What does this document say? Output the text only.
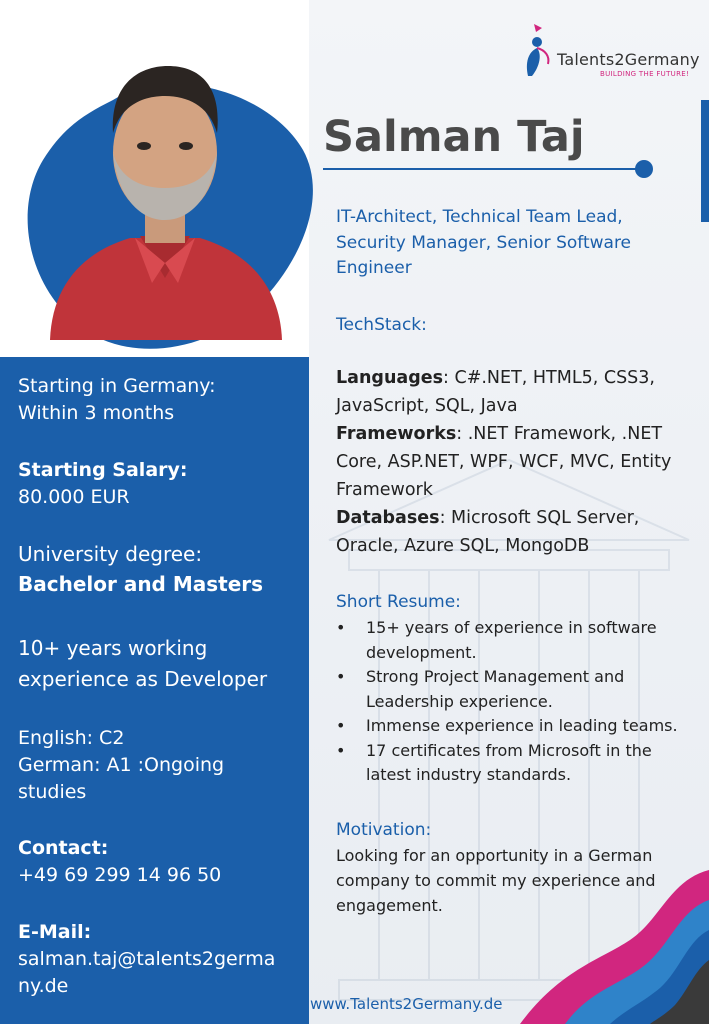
Talents2Germany
BUILDING THE FUTURE!
Salman Taj

IT-Architect, Technical Team Lead, Security Manager, Senior Software Engineer

Starting in Germany:

Within 3 months

Starting Salary:

80.000 EUR

University degree:

Bachelor and Masters

10+ years working

experience as Developer

English: C2

German: A1 :Ongoing

studies

Contact:

+49 69 299 14 96 50

E-Mail:

salman.taj@talents2germa

ny.de

TechStack:

Languages: C#.NET, HTML5, CSS3, JavaScript, SQL, Java
Frameworks: .NET Framework, .NET Core, ASP.NET, WPF, WCF, MVC, Entity Framework
Databases: Microsoft SQL Server, Oracle, Azure SQL, MongoDB

Short Resume:

• 15+ years of experience in software development.
• Strong Project Management and Leadership experience.
• Immense experience in leading teams.
• 17 certificates from Microsoft in the latest industry standards.

Motivation:

Looking for an opportunity in a German company to commit my experience and engagement.

www.Talents2Germany.de
